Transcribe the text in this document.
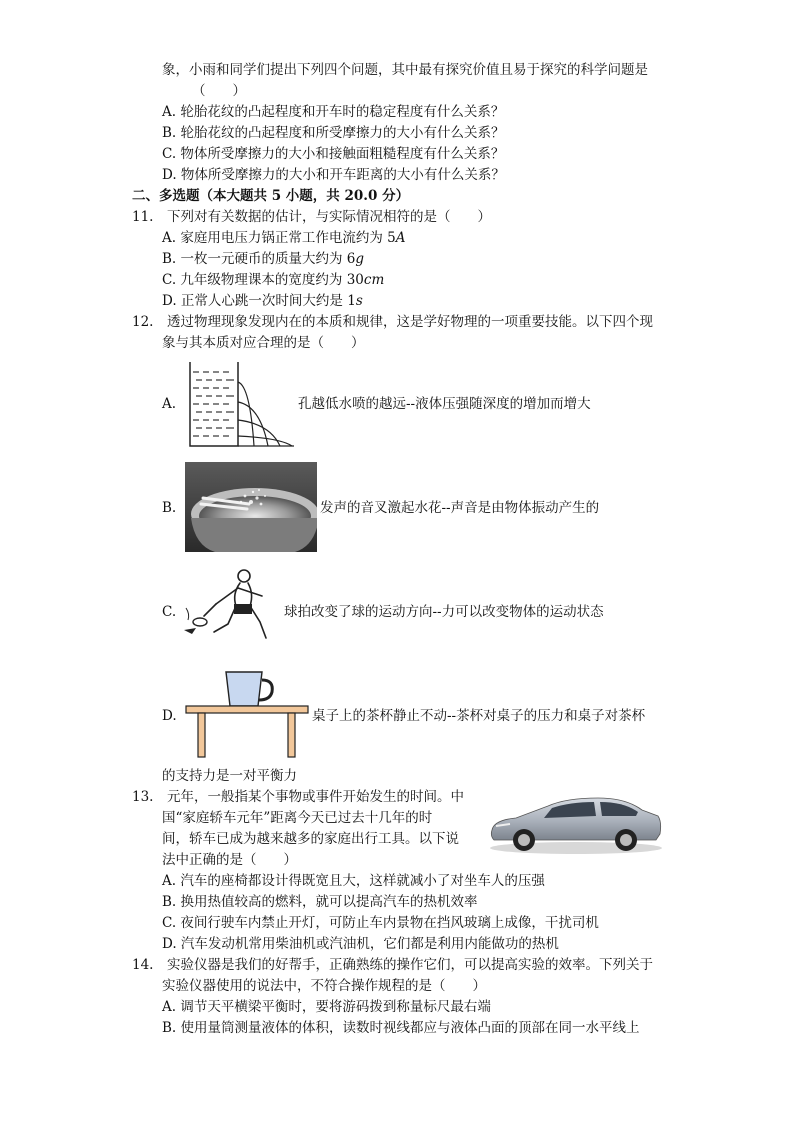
象，小雨和同学们提出下列四个问题，其中最有探究价值且易于探究的科学问题是
（　　）
A. 轮胎花纹的凸起程度和开车时的稳定程度有什么关系？
B. 轮胎花纹的凸起程度和所受摩擦力的大小有什么关系？
C. 物体所受摩擦力的大小和接触面粗糙程度有什么关系？
D. 物体所受摩擦力的大小和开车距离的大小有什么关系？
二、多选题（本大题共 5 小题，共 20.0 分）
11.　下列对有关数据的估计，与实际情况相符的是（　　）
A. 家庭用电压力锅正常工作电流约为 5A
B. 一枚一元硬币的质量大约为 6g
C. 九年级物理课本的宽度约为 30cm
D. 正常人心跳一次时间大约是 1s
12.　透过物理现象发现内在的本质和规律，这是学好物理的一项重要技能。以下四个现
象与其本质对应合理的是（　　）
A.	孔越低水喷的越远--液体压强随深度的增加而增大
B.	发声的音叉激起水花--声音是由物体振动产生的
C.	球拍改变了球的运动方向--力可以改变物体的运动状态
D.	桌子上的茶杯静止不动--茶杯对桌子的压力和桌子对茶杯
的支持力是一对平衡力
13.　元年，一般指某个事物或事件开始发生的时间。中
国“家庭轿车元年”距离今天已过去十几年的时
间，轿车已成为越来越多的家庭出行工具。以下说
法中正确的是（　　）
A. 汽车的座椅都设计得既宽且大，这样就减小了对坐车人的压强
B. 换用热值较高的燃料，就可以提高汽车的热机效率
C. 夜间行驶车内禁止开灯，可防止车内景物在挡风玻璃上成像，干扰司机
D. 汽车发动机常用柴油机或汽油机，它们都是利用内能做功的热机
14.　实验仪器是我们的好帮手，正确熟练的操作它们，可以提高实验的效率。下列关于
实验仪器使用的说法中，不符合操作规程的是（　　）
A. 调节天平横梁平衡时，要将游码拨到称量标尺最右端
B. 使用量筒测量液体的体积，读数时视线都应与液体凸面的顶部在同一水平线上
